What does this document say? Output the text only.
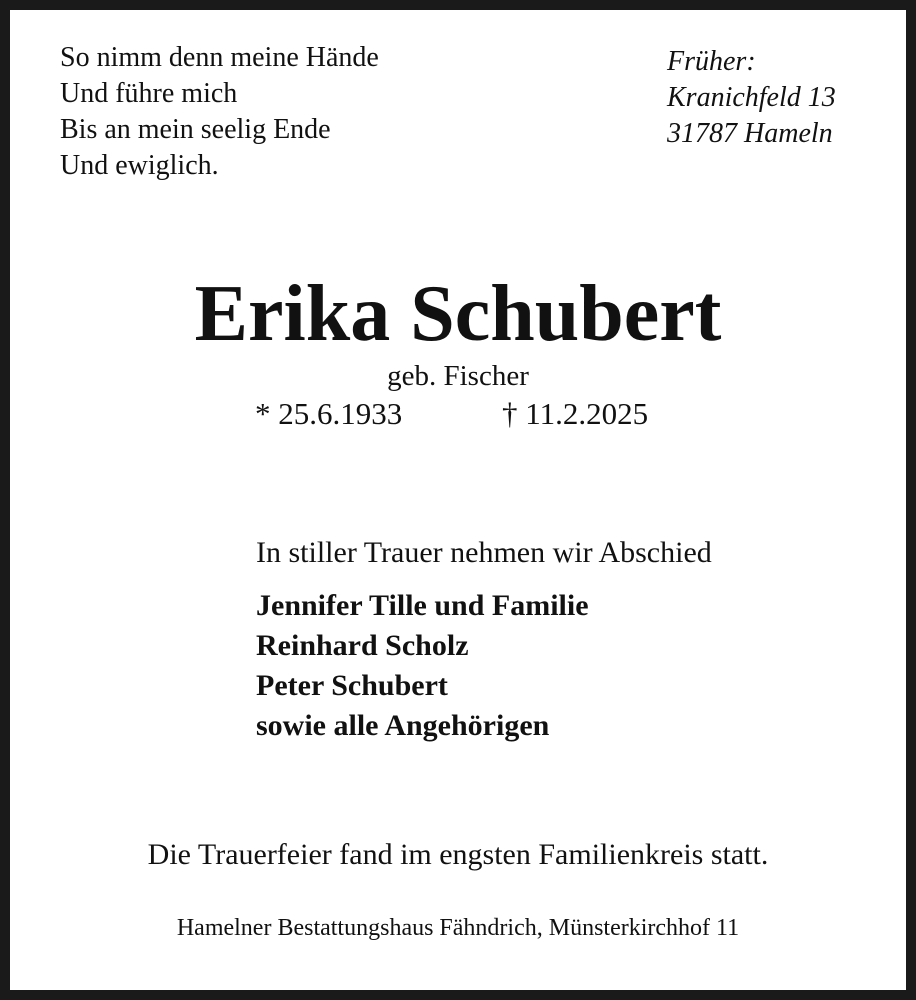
So nimm denn meine Hände
Und führe mich
Bis an mein seelig Ende
Und ewiglich.
Früher:
Kranichfeld 13
31787 Hameln
Erika Schubert
geb. Fischer
* 25.6.1933	† 11.2.2025
In stiller Trauer nehmen wir Abschied
Jennifer Tille und Familie
Reinhard Scholz
Peter Schubert
sowie alle Angehörigen
Die Trauerfeier fand im engsten Familienkreis statt.
Hamelner Bestattungshaus Fähndrich, Münsterkirchhof 11
